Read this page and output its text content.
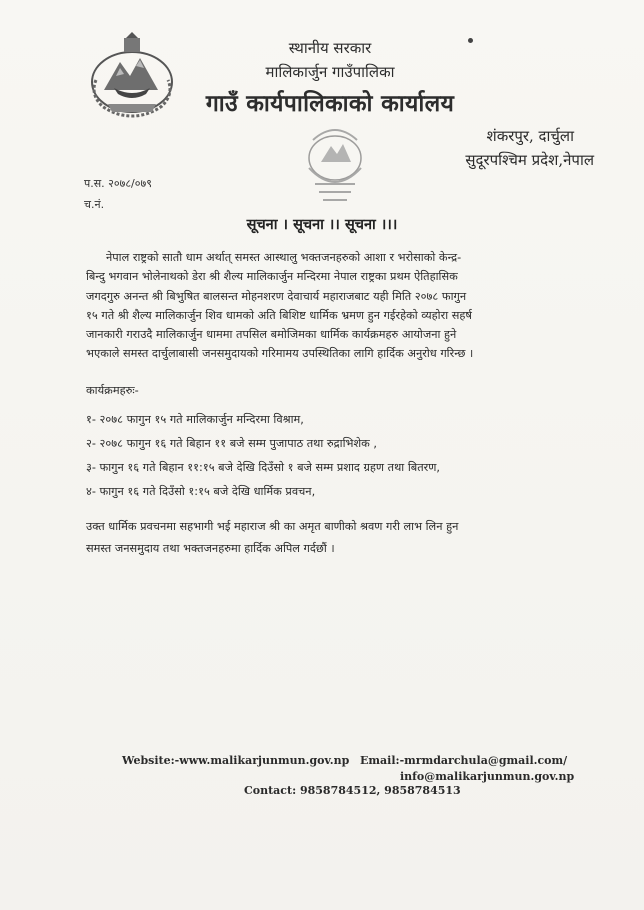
स्थानीय सरकार
मालिकार्जुन गाउँपालिका
गाउँ कार्यपालिकाको कार्यालय
शंकरपुर, दार्चुला
सुदूरपश्चिम प्रदेश,नेपाल
प.स. २०७८/०७९
च.नं.
सूचना । सूचना ।। सूचना ।।।
नेपाल राष्ट्रको सातौ धाम अर्थात् समस्त आस्थालु भक्तजनहरुको आशा र भरोसाको केन्द्र-
बिन्दु भगवान भोलेनाथको डेरा श्री शैल्य मालिकार्जुन मन्दिरमा नेपाल राष्ट्रका प्रथम ऐतिहासिक
जगदगुरु अनन्त श्री बिभुषित बालसन्त मोहनशरण देवाचार्य महाराजबाट यही मिति २०७८ फागुन
१५ गते श्री शैल्य मालिकार्जुन शिव धामको अति बिशिष्ट धार्मिक भ्रमण हुन गईरहेको व्यहोरा सहर्ष
जानकारी गराउदै मालिकार्जुन धाममा तपसिल बमोजिमका धार्मिक कार्यक्रमहरु आयोजना हुने
भएकाले समस्त दार्चुलाबासी जनसमुदायको गरिमामय उपस्थितिका लागि हार्दिक अनुरोध गरिन्छ ।
कार्यक्रमहरुः-
१- २०७८ फागुन १५ गते मालिकार्जुन मन्दिरमा विश्राम,
२- २०७८ फागुन १६ गते बिहान ११ बजे सम्म पुजापाठ तथा रुद्राभिशेक ,
३- फागुन १६ गते बिहान ११:१५ बजे देखि दिउँसो १ बजे सम्म प्रशाद ग्रहण तथा बितरण,
४- फागुन १६ गते दिउँसो १:१५ बजे देखि धार्मिक प्रवचन,
उक्त धार्मिक प्रवचनमा सहभागी भई महाराज श्री का अमृत बाणीको श्रवण गरी लाभ लिन हुन
समस्त जनसमुदाय तथा भक्तजनहरुमा हार्दिक अपिल गर्दछौं ।
Website:-www.malikarjunmun.gov.np Email:-mrmdarchula@gmail.com/
info@malikarjunmun.gov.np
Contact: 9858784512, 9858784513
